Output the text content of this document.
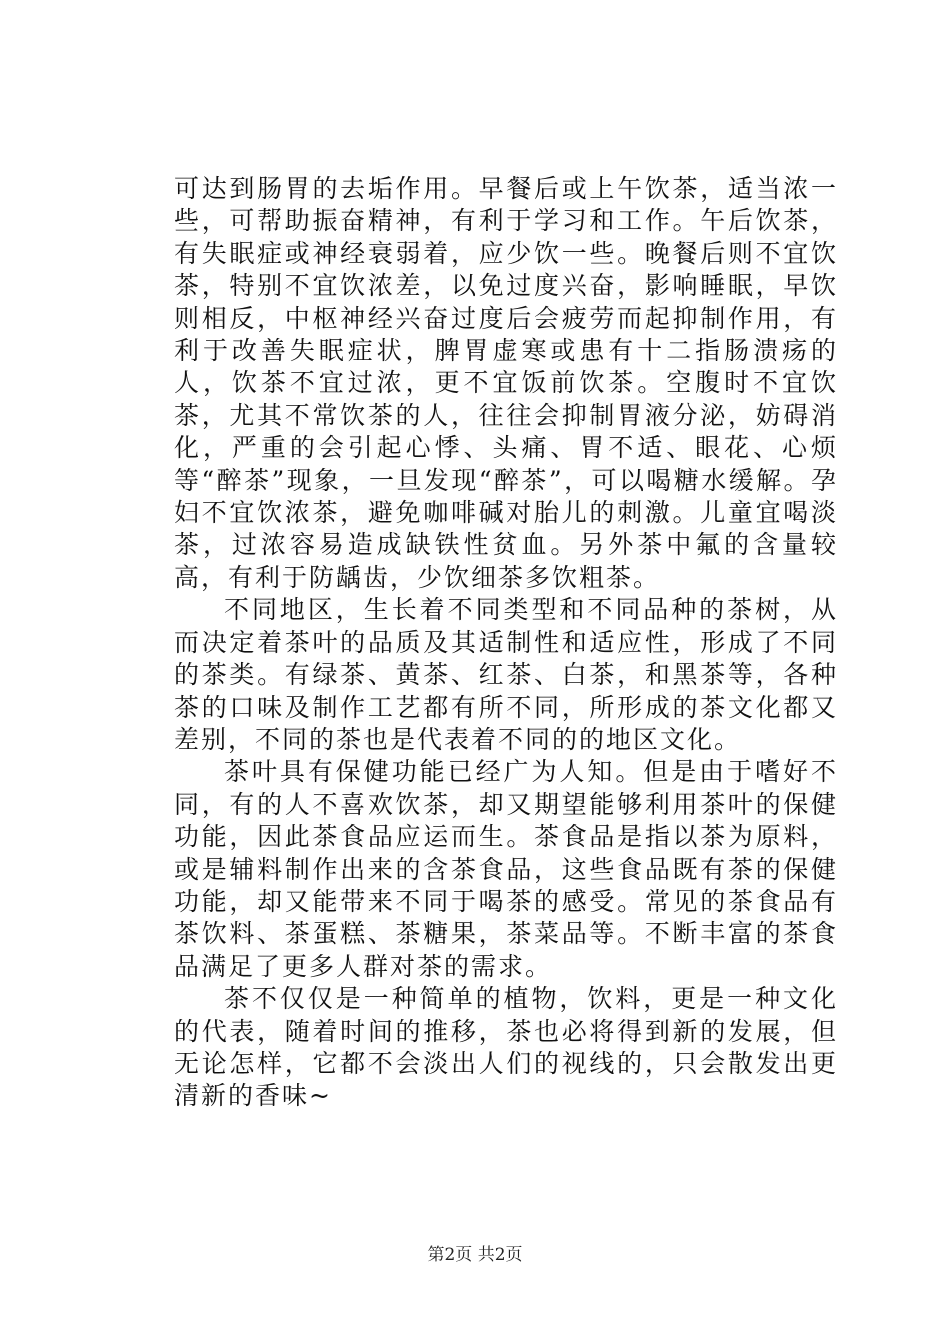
可达到肠胃的去垢作用。早餐后或上午饮茶，适当浓一些，可帮助振奋精神，有利于学习和工作。午后饮茶，有失眠症或神经衰弱着，应少饮一些。晚餐后则不宜饮茶，特别不宜饮浓差，以免过度兴奋，影响睡眠，早饮则相反，中枢神经兴奋过度后会疲劳而起抑制作用，有利于改善失眠症状，脾胃虚寒或患有十二指肠溃疡的人，饮茶不宜过浓，更不宜饭前饮茶。空腹时不宜饮茶，尤其不常饮茶的人，往往会抑制胃液分泌，妨碍消化，严重的会引起心悸、头痛、胃不适、眼花、心烦等“醉茶”现象，一旦发现“醉茶”，可以喝糖水缓解。孕妇不宜饮浓茶，避免咖啡碱对胎儿的刺激。儿童宜喝淡茶，过浓容易造成缺铁性贫血。另外茶中氟的含量较高，有利于防龋齿，少饮细茶多饮粗茶。

不同地区，生长着不同类型和不同品种的茶树，从而决定着茶叶的品质及其适制性和适应性，形成了不同的茶类。有绿茶、黄茶、红茶、白茶，和黑茶等，各种茶的口味及制作工艺都有所不同，所形成的茶文化都又差别，不同的茶也是代表着不同的的地区文化。

茶叶具有保健功能已经广为人知。但是由于嗜好不同，有的人不喜欢饮茶，却又期望能够利用茶叶的保健功能，因此茶食品应运而生。茶食品是指以茶为原料，或是辅料制作出来的含茶食品，这些食品既有茶的保健功能，却又能带来不同于喝茶的感受。常见的茶食品有茶饮料、茶蛋糕、茶糖果，茶菜品等。不断丰富的茶食品满足了更多人群对茶的需求。

茶不仅仅是一种简单的植物，饮料，更是一种文化的代表，随着时间的推移，茶也必将得到新的发展，但无论怎样，它都不会淡出人们的视线的，只会散发出更清新的香味~

第2页 共2页
